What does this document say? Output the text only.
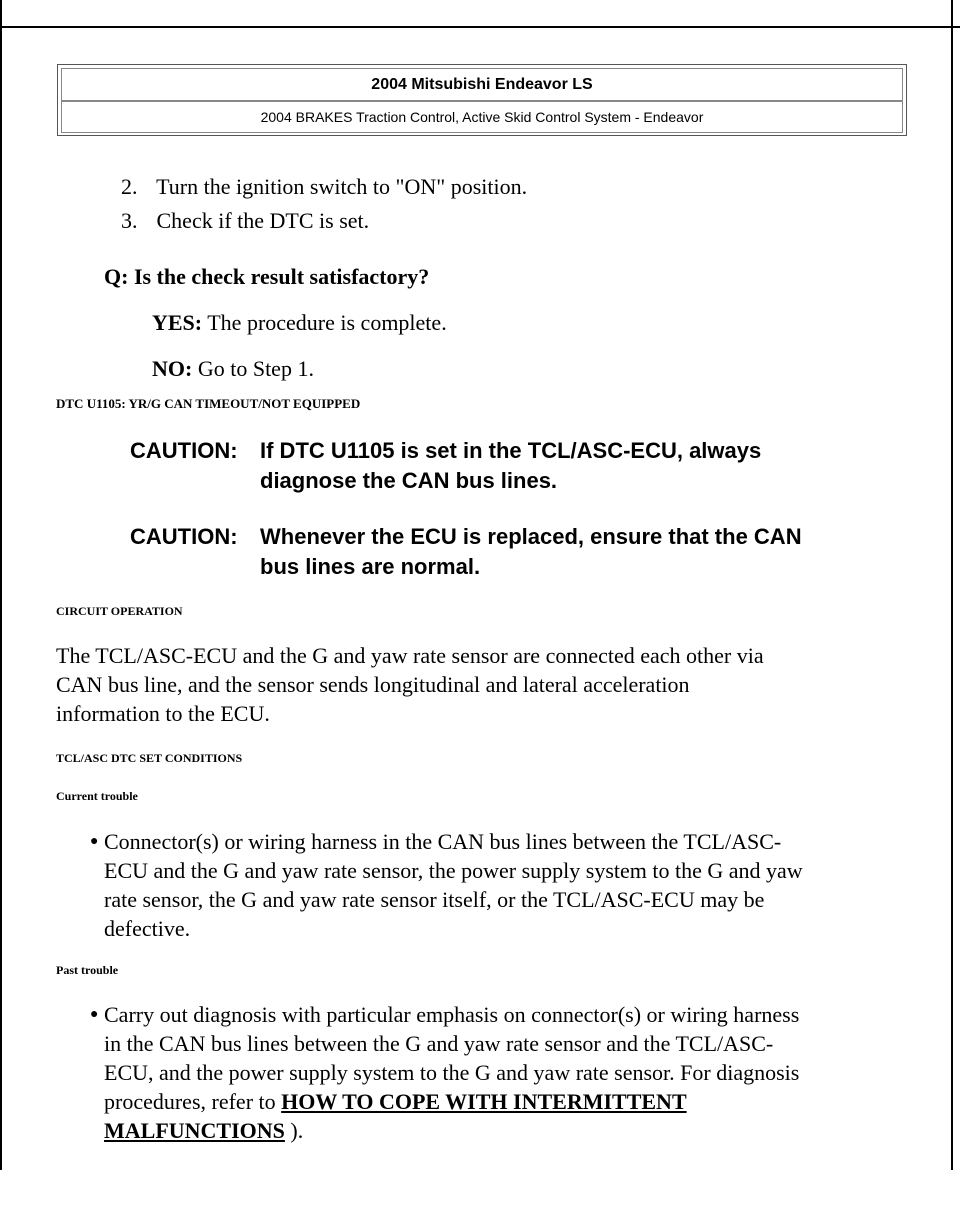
2004 Mitsubishi Endeavor LS
2004 BRAKES Traction Control, Active Skid Control System - Endeavor
2. Turn the ignition switch to "ON" position.
3. Check if the DTC is set.
Q: Is the check result satisfactory?
YES: The procedure is complete.
NO: Go to Step 1.
DTC U1105: YR/G CAN TIMEOUT/NOT EQUIPPED
CAUTION: If DTC U1105 is set in the TCL/ASC-ECU, always
diagnose the CAN bus lines.
CAUTION: Whenever the ECU is replaced, ensure that the CAN
bus lines are normal.
CIRCUIT OPERATION
The TCL/ASC-ECU and the G and yaw rate sensor are connected each other via
CAN bus line, and the sensor sends longitudinal and lateral acceleration
information to the ECU.
TCL/ASC DTC SET CONDITIONS
Current trouble
● Connector(s) or wiring harness in the CAN bus lines between the TCL/ASC-
ECU and the G and yaw rate sensor, the power supply system to the G and yaw
rate sensor, the G and yaw rate sensor itself, or the TCL/ASC-ECU may be
defective.
Past trouble
● Carry out diagnosis with particular emphasis on connector(s) or wiring harness
in the CAN bus lines between the G and yaw rate sensor and the TCL/ASC-
ECU, and the power supply system to the G and yaw rate sensor. For diagnosis
procedures, refer to HOW TO COPE WITH INTERMITTENT
MALFUNCTIONS ).
